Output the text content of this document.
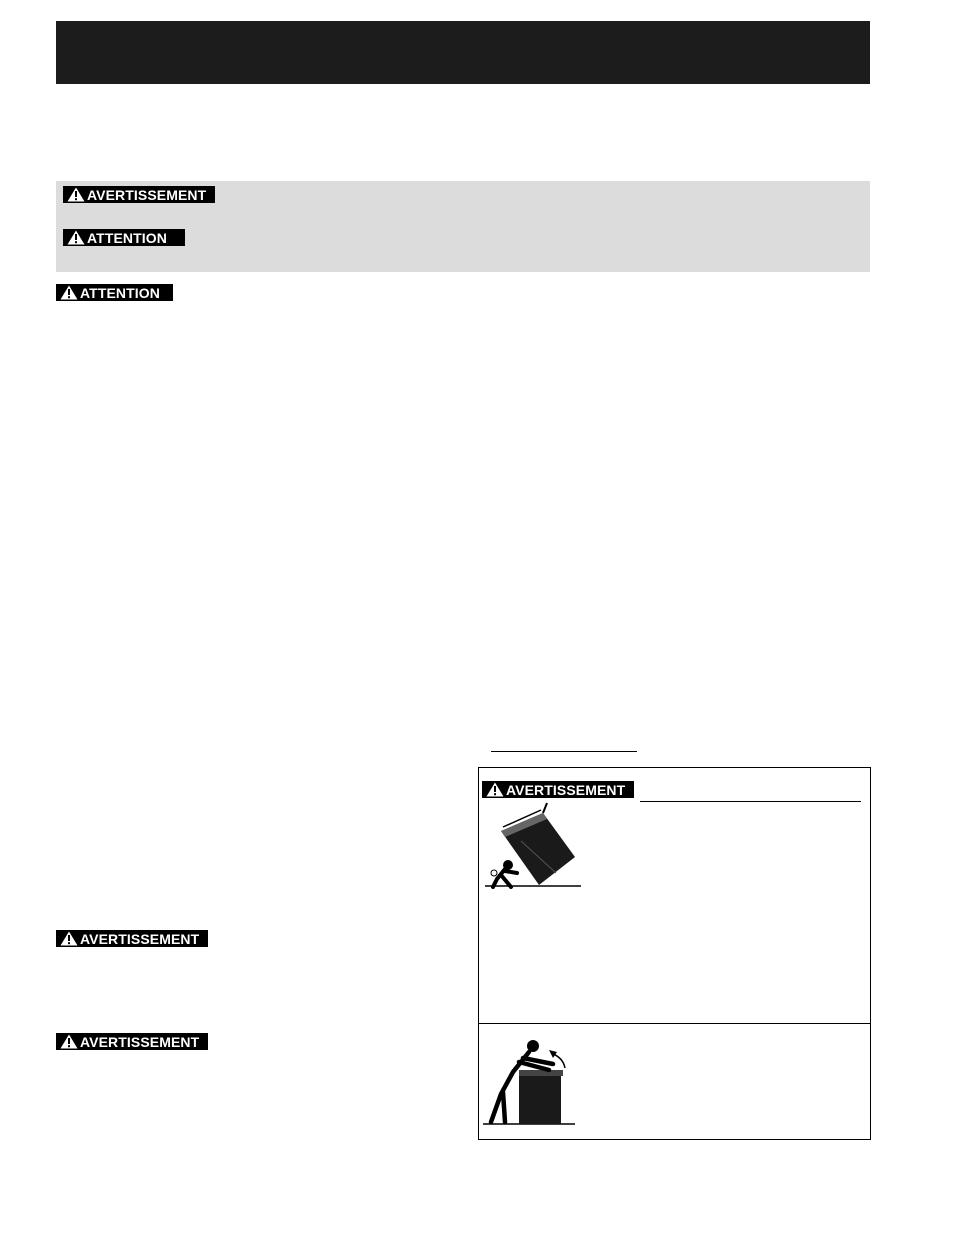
AVERTISSEMENT
ATTENTION
ATTENTION
AVERTISSEMENT
AVERTISSEMENT
AVERTISSEMENT
